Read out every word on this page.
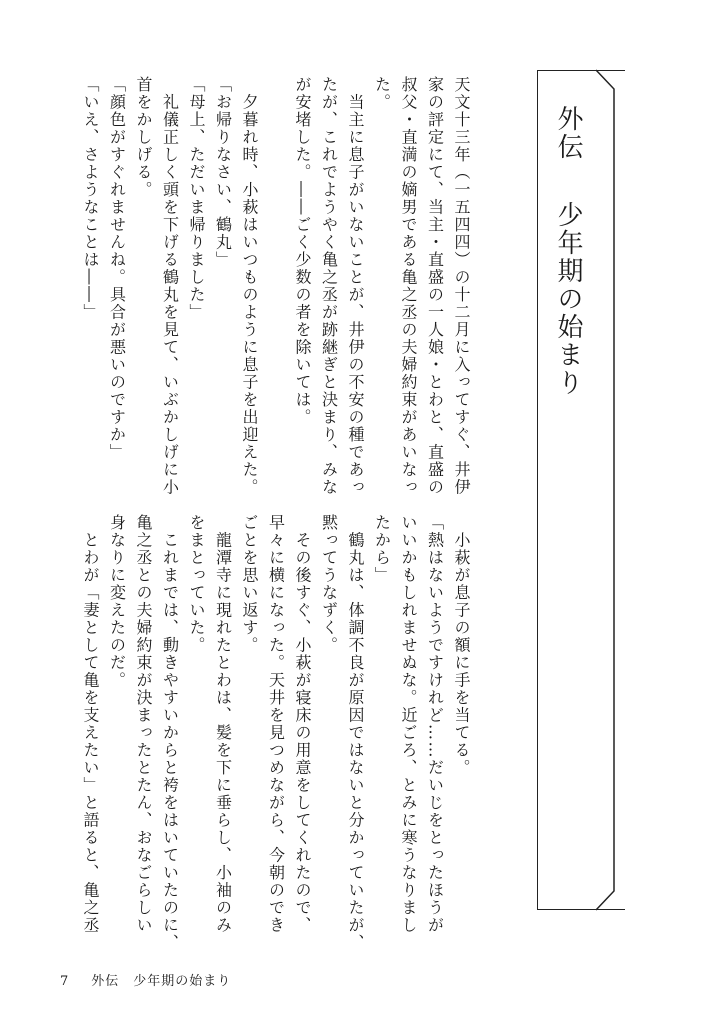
外伝少年期の始まり
天文十三年（一五四四）の十二月に入ってすぐ、井伊
家の評定にて、当主・直盛の一人娘・とわと、直盛の
叔父・直満の嫡男である亀之丞の夫婦約束があいなっ
た。
　当主に息子がいないことが、井伊の不安の種であっ
たが、これでようやく亀之丞が跡継ぎと決まり、みな
が安堵した。――ごく少数の者を除いては。

　夕暮れ時、小萩はいつものように息子を出迎えた。
「お帰りなさい、鶴丸」
「母上、ただいま帰りました」
　礼儀正しく頭を下げる鶴丸を見て、いぶかしげに小
首をかしげる。
「顔色がすぐれませんね。具合が悪いのですか」
「いえ、さようなことは――」
　小萩が息子の額に手を当てる。
「熱はないようですけれど……だいじをとったほうが
いいかもしれませぬな。近ごろ、とみに寒うなりまし
たから」
　鶴丸は、体調不良が原因ではないと分かっていたが、
黙ってうなずく。
　その後すぐ、小萩が寝床の用意をしてくれたので、
早々に横になった。天井を見つめながら、今朝のでき
ごとを思い返す。
　龍潭寺に現れたとわは、髪を下に垂らし、小袖のみ
をまとっていた。
　これまでは、動きやすいからと袴をはいていたのに、
亀之丞との夫婦約束が決まったとたん、おなごらしい
身なりに変えたのだ。
　とわが「妻として亀を支えたい」と語ると、亀之丞
7 外伝　少年期の始まり
